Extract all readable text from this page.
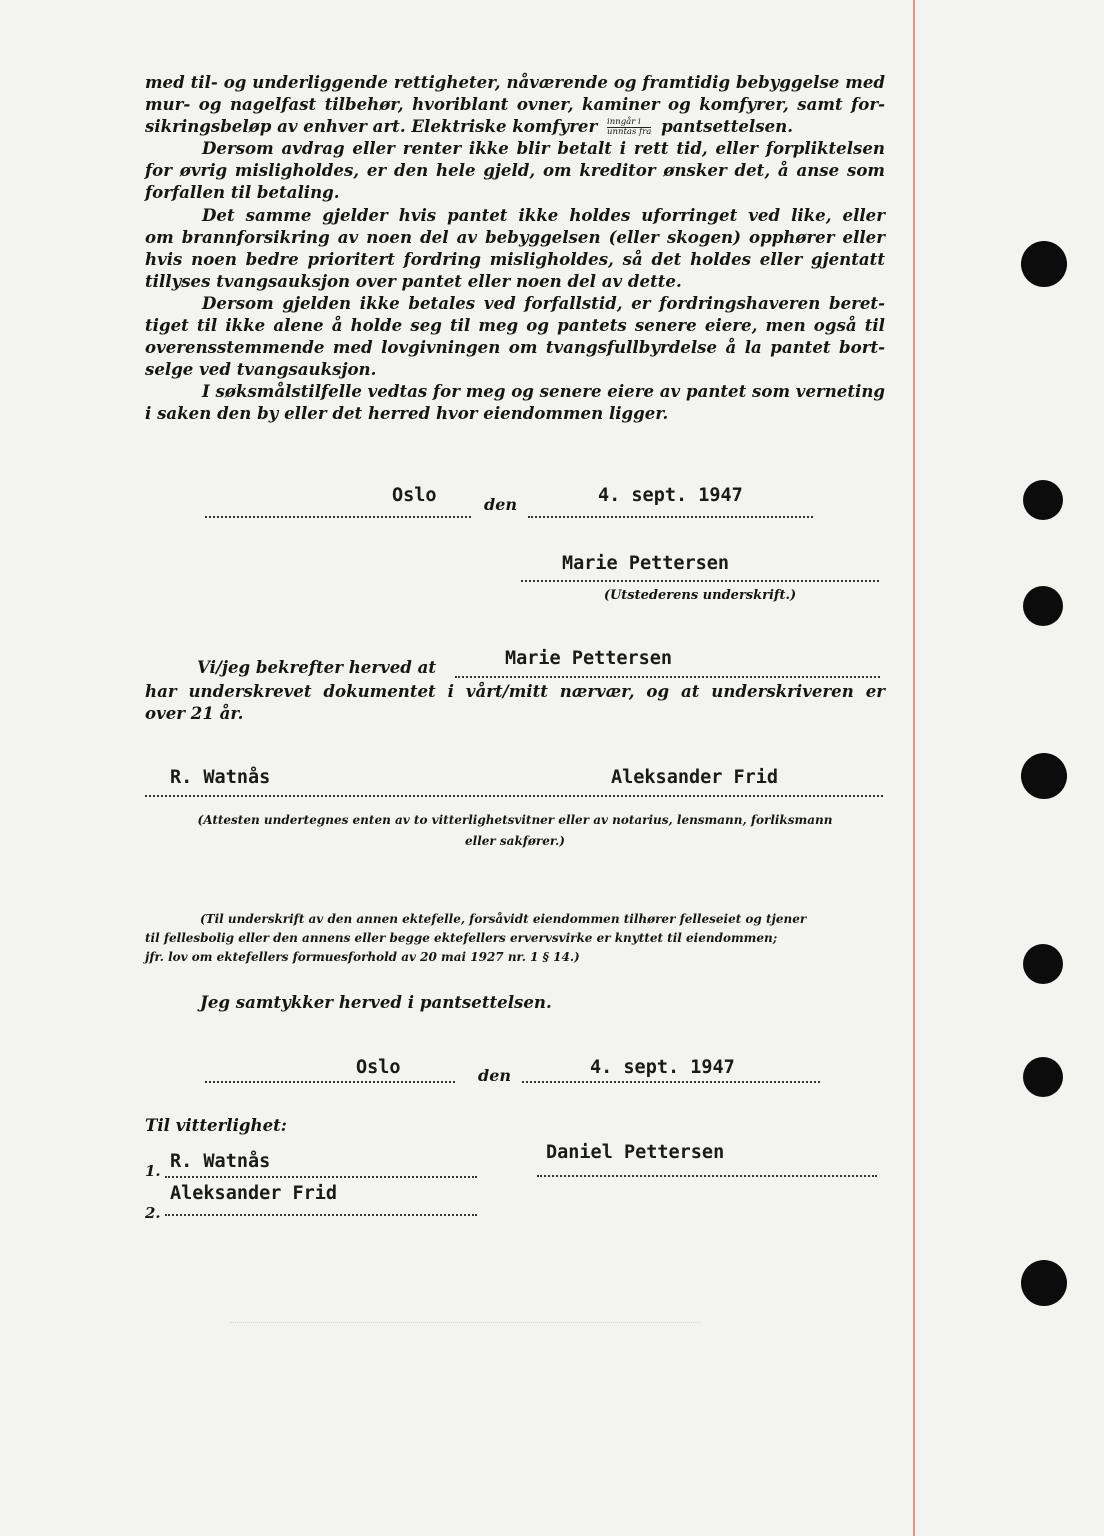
med til- og underliggende rettigheter, nåværende og framtidig bebyggelse med
mur- og nagelfast tilbehør, hvoriblant ovner, kaminer og komfyrer, samt for-
sikringsbeløp av enhver art. Elektriske komfyrer $\frac{\text{inngår i}}{\text{unntas fra}}$ pantsettelsen.
Dersom avdrag eller renter ikke blir betalt i rett tid, eller forpliktelsen
for øvrig misligholdes, er den hele gjeld, om kreditor ønsker det, å anse som
forfallen til betaling.
Det samme gjelder hvis pantet ikke holdes uforringet ved like, eller
om brannforsikring av noen del av bebyggelsen (eller skogen) opphører eller
hvis noen bedre prioritert fordring misligholdes, så det holdes eller gjentatt
tillyses tvangsauksjon over pantet eller noen del av dette.
Dersom gjelden ikke betales ved forfallstid, er fordringshaveren beret-
tiget til ikke alene å holde seg til meg og pantets senere eiere, men også til
overensstemmende med lovgivningen om tvangsfullbyrdelse å la pantet bort-
selge ved tvangsauksjon.
I søksmålstilfelle vedtas for meg og senere eiere av pantet som verneting
i saken den by eller det herred hvor eiendommen ligger.
Oslo	den	4. sept. 1947
Marie Pettersen
(Utstederens underskrift.)
Vi/jeg bekrefter herved at	Marie Pettersen
har underskrevet dokumentet i vårt/mitt nærvær, og at underskriveren er
over 21 år.
R. Watnås	Aleksander Frid
(Attesten undertegnes enten av to vitterlighetsvitner eller av notarius, lensmann, forliksmann
eller sakfører.)
(Til underskrift av den annen ektefelle, forsåvidt eiendommen tilhører felleseiet og tjener
til fellesbolig eller den annens eller begge ektefellers ervervsvirke er knyttet til eiendommen;
jfr. lov om ektefellers formuesforhold av 20 mai 1927 nr. 1 § 14.)
Jeg samtykker herved i pantsettelsen.
Oslo	den	4. sept. 1947
Til vitterlighet:
1. R. Watnås
2.
Aleksander Frid
Daniel Pettersen
